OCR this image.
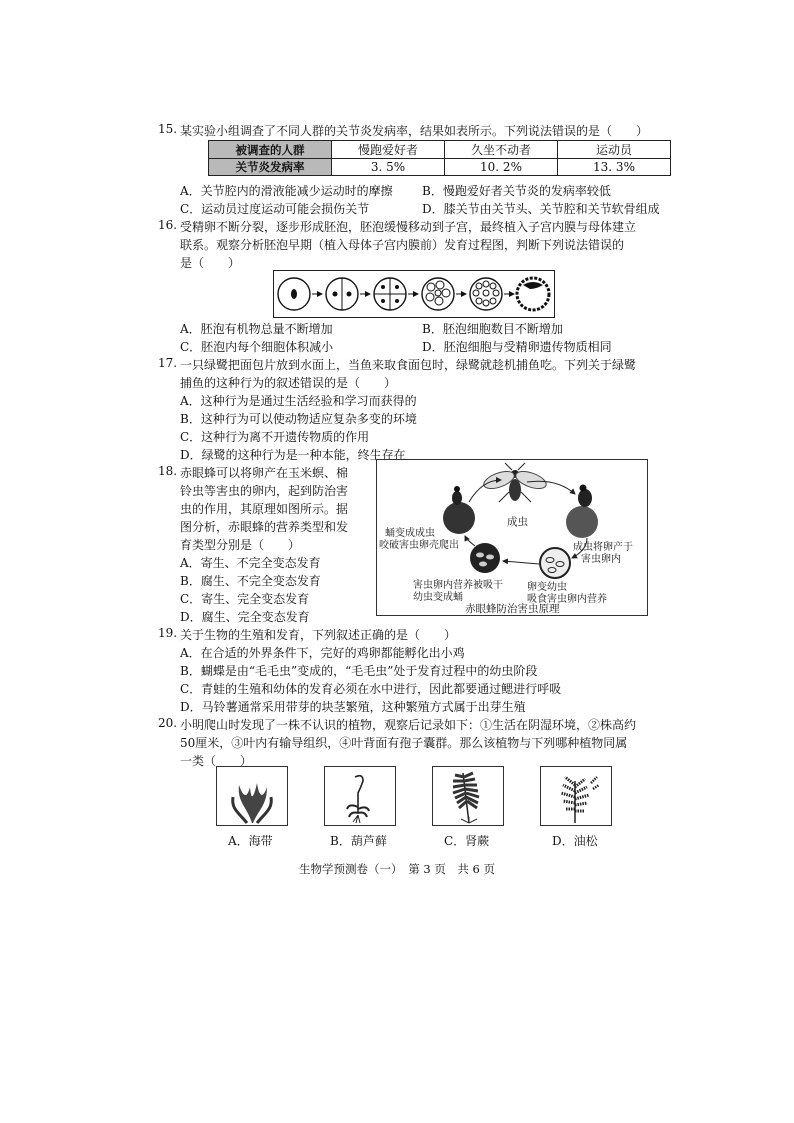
15. 某实验小组调查了不同人群的关节炎发病率，结果如表所示。下列说法错误的是（　　）
被调查的人群	慢跑爱好者	久坐不动者	运动员
关节炎发病率	3. 5%	10. 2%	13. 3%
A．关节腔内的滑液能减少运动时的摩擦 B．慢跑爱好者关节炎的发病率较低
C．运动员过度运动可能会损伤关节	D．膝关节由关节头、关节腔和关节软骨组成
16. 受精卵不断分裂，逐步形成胚泡，胚泡缓慢移动到子宫，最终植入子宫内膜与母体建立
联系。观察分析胚泡早期（植入母体子宫内膜前）发育过程图，判断下列说法错误的
是（　　）
A．胚泡有机物总量不断增加	B．胚泡细胞数目不断增加
C．胚泡内每个细胞体积减小	D．胚泡细胞与受精卵遗传物质相同
17. 一只绿鹭把面包片放到水面上，当鱼来取食面包时，绿鹭就趁机捕鱼吃。下列关于绿鹭
捕鱼的这种行为的叙述错误的是（　　）
A．这种行为是通过生活经验和学习而获得的
B．这种行为可以使动物适应复杂多变的环境
C．这种行为离不开遗传物质的作用
D．绿鹭的这种行为是一种本能，终生存在
18. 赤眼蜂可以将卵产在玉米螟、棉
铃虫等害虫的卵内，起到防治害
虫的作用，其原理如图所示。据
图分析，赤眼蜂的营养类型和发
育类型分别是（　　）
A．寄生、不完全变态发育
B．腐生、不完全变态发育
C．寄生、完全变态发育
D．腐生、完全变态发育
成虫
成虫将卵产于
害虫卵内
卵变幼虫
吸食害虫卵内营养
害虫卵内营养被吸干
幼虫变成蛹
蛹变成成虫
咬破害虫卵壳爬出
赤眼蜂防治害虫原理
19. 关于生物的生殖和发育，下列叙述正确的是（　　）
A．在合适的外界条件下，完好的鸡卵都能孵化出小鸡
B．蝴蝶是由“毛毛虫”变成的，“毛毛虫”处于发育过程中的幼虫阶段
C．青蛙的生殖和幼体的发育必须在水中进行，因此都要通过鳃进行呼吸
D．马铃薯通常采用带芽的块茎繁殖，这种繁殖方式属于出芽生殖
20. 小明爬山时发现了一株不认识的植物，观察后记录如下：①生活在阴湿环境，②株高约
50厘米，③叶内有输导组织，④叶背面有孢子囊群。那么该植物与下列哪种植物同属
一类（　　）
A．海带	B．葫芦藓	C．肾蕨	D．油松
生物学预测卷（一）　第 3 页　共 6 页
